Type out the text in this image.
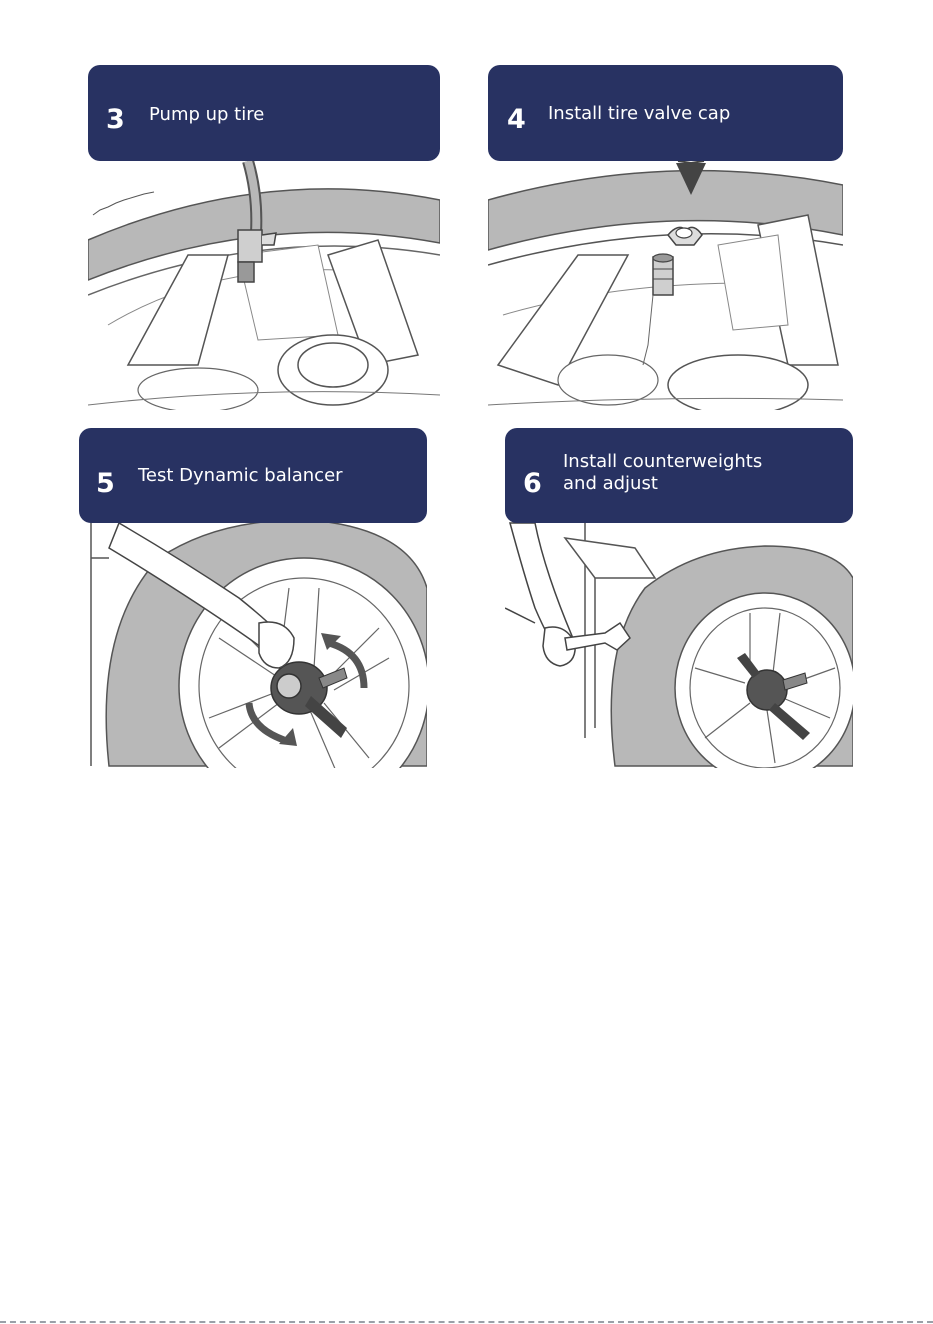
3 Pump up tire	4 Install tire valve cap
5 Test Dynamic balancer	6
Install counterweights
and adjust
